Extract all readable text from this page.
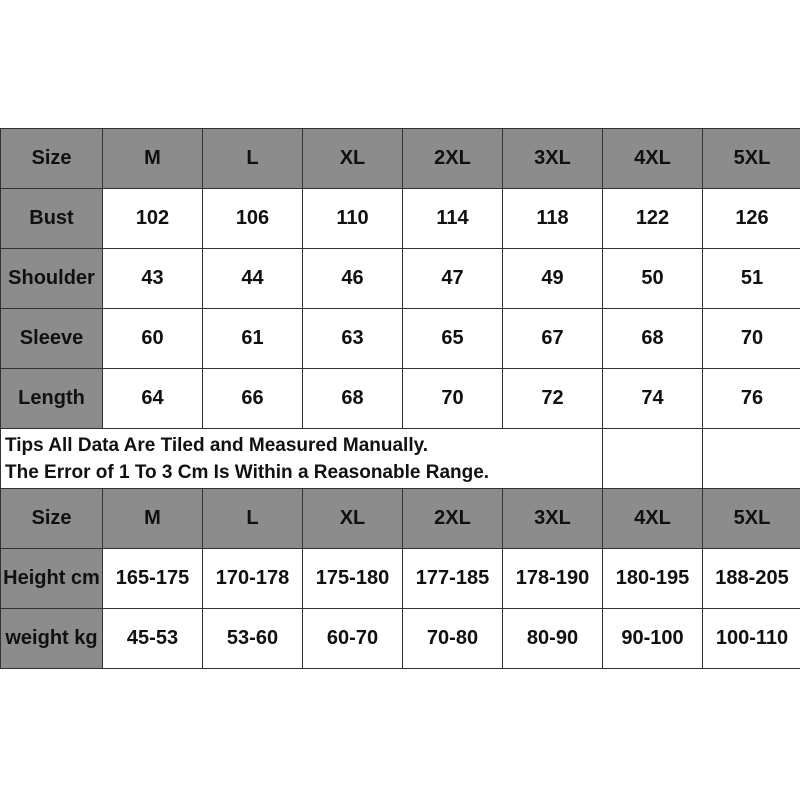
Size	M	L	XL	2XL	3XL	4XL	5XL
Bust	102	106	110	114	118	122	126
Shoulder	43	44	46	47	49	50	51
Sleeve	60	61	63	65	67	68	70
Length	64	66	68	70	72	74	76

Tips All Data Are Tiled and Measured Manually.
The Error of 1 To 3 Cm Is Within a Reasonable Range.							

Size	M	L	XL	2XL	3XL	4XL	5XL
Height cm	165-175	170-178	175-180	177-185	178-190	180-195	188-205
weight kg	45-53	53-60	60-70	70-80	80-90	90-100	100-110
